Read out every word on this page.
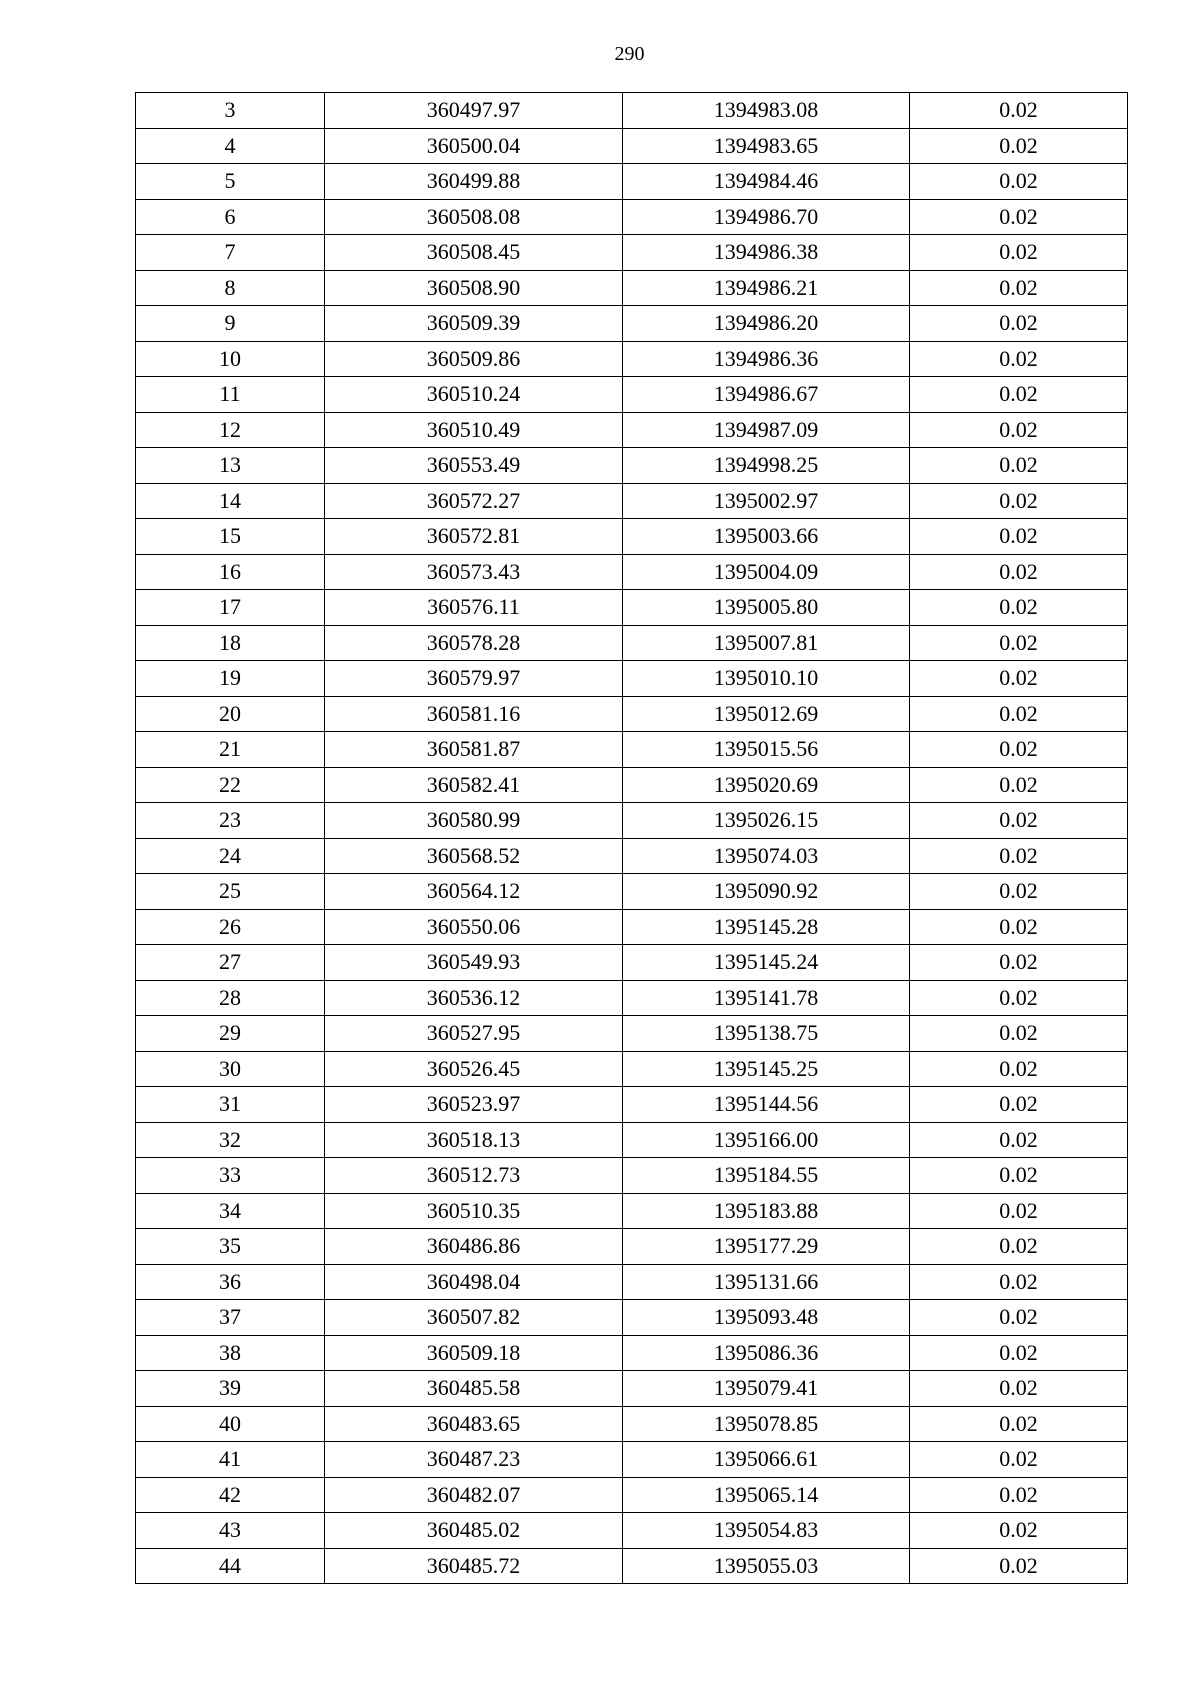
290
3	360497.97	1394983.08	0.02
4	360500.04	1394983.65	0.02
5	360499.88	1394984.46	0.02
6	360508.08	1394986.70	0.02
7	360508.45	1394986.38	0.02
8	360508.90	1394986.21	0.02
9	360509.39	1394986.20	0.02
10	360509.86	1394986.36	0.02
11	360510.24	1394986.67	0.02
12	360510.49	1394987.09	0.02
13	360553.49	1394998.25	0.02
14	360572.27	1395002.97	0.02
15	360572.81	1395003.66	0.02
16	360573.43	1395004.09	0.02
17	360576.11	1395005.80	0.02
18	360578.28	1395007.81	0.02
19	360579.97	1395010.10	0.02
20	360581.16	1395012.69	0.02
21	360581.87	1395015.56	0.02
22	360582.41	1395020.69	0.02
23	360580.99	1395026.15	0.02
24	360568.52	1395074.03	0.02
25	360564.12	1395090.92	0.02
26	360550.06	1395145.28	0.02
27	360549.93	1395145.24	0.02
28	360536.12	1395141.78	0.02
29	360527.95	1395138.75	0.02
30	360526.45	1395145.25	0.02
31	360523.97	1395144.56	0.02
32	360518.13	1395166.00	0.02
33	360512.73	1395184.55	0.02
34	360510.35	1395183.88	0.02
35	360486.86	1395177.29	0.02
36	360498.04	1395131.66	0.02
37	360507.82	1395093.48	0.02
38	360509.18	1395086.36	0.02
39	360485.58	1395079.41	0.02
40	360483.65	1395078.85	0.02
41	360487.23	1395066.61	0.02
42	360482.07	1395065.14	0.02
43	360485.02	1395054.83	0.02
44	360485.72	1395055.03	0.02
